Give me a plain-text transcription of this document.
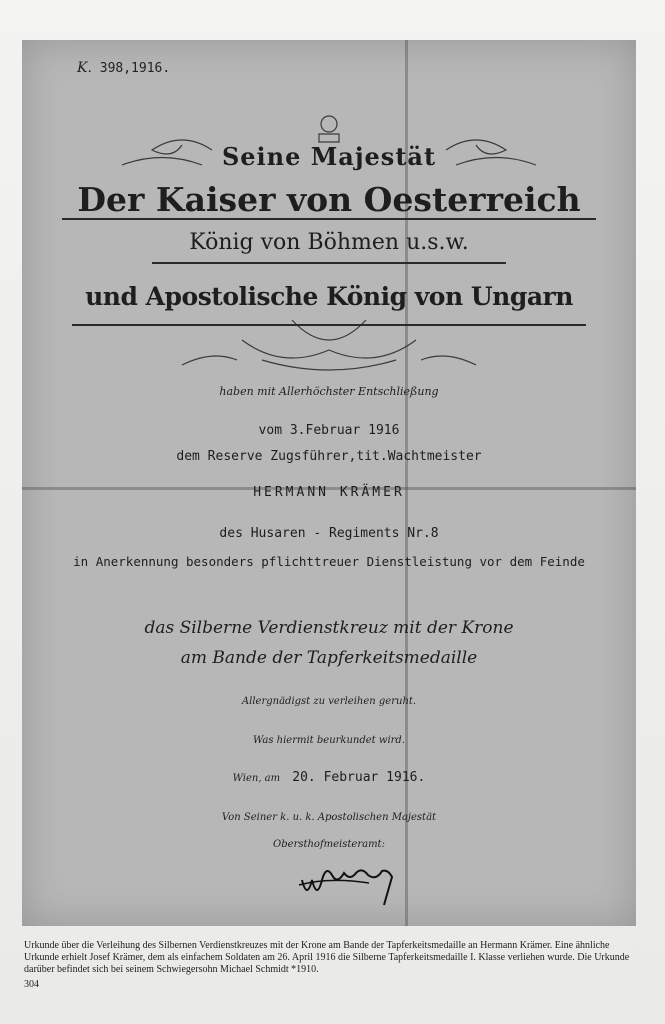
K. 398,1916.
Seine Majestät
Der Kaiser von Oesterreich
König von Böhmen u.s.w.
und Apostolische König von Ungarn
haben mit Allerhöchster Entschließung
vom 3.Februar 1916
dem Reserve Zugsführer,tit.Wachtmeister
HERMANN KRÄMER
des Husaren - Regiments Nr.8
in Anerkennung besonders pflichttreuer Dienstleistung vor dem Feinde
das Silberne Verdienstkreuz mit der Krone
am Bande der Tapferkeitsmedaille
Allergnädigst zu verleihen geruht.
Was hiermit beurkundet wird.
Wien, am 20. Februar 1916.
Von Seiner k. u. k. Apostolischen Majestät
Obersthofmeisteramt:

Urkunde über die Verleihung des Silbernen Verdienstkreuzes mit der Krone am Bande der Tapferkeitsmedaille an Hermann Krämer. Eine ähnliche Urkunde erhielt Josef Krämer, dem als einfachem Soldaten am 26. April 1916 die Silberne Tapferkeitsmedaille I. Klasse verliehen wurde. Die Urkunde darüber befindet sich bei seinem Schwiegersohn Michael Schmidt *1910.

304
